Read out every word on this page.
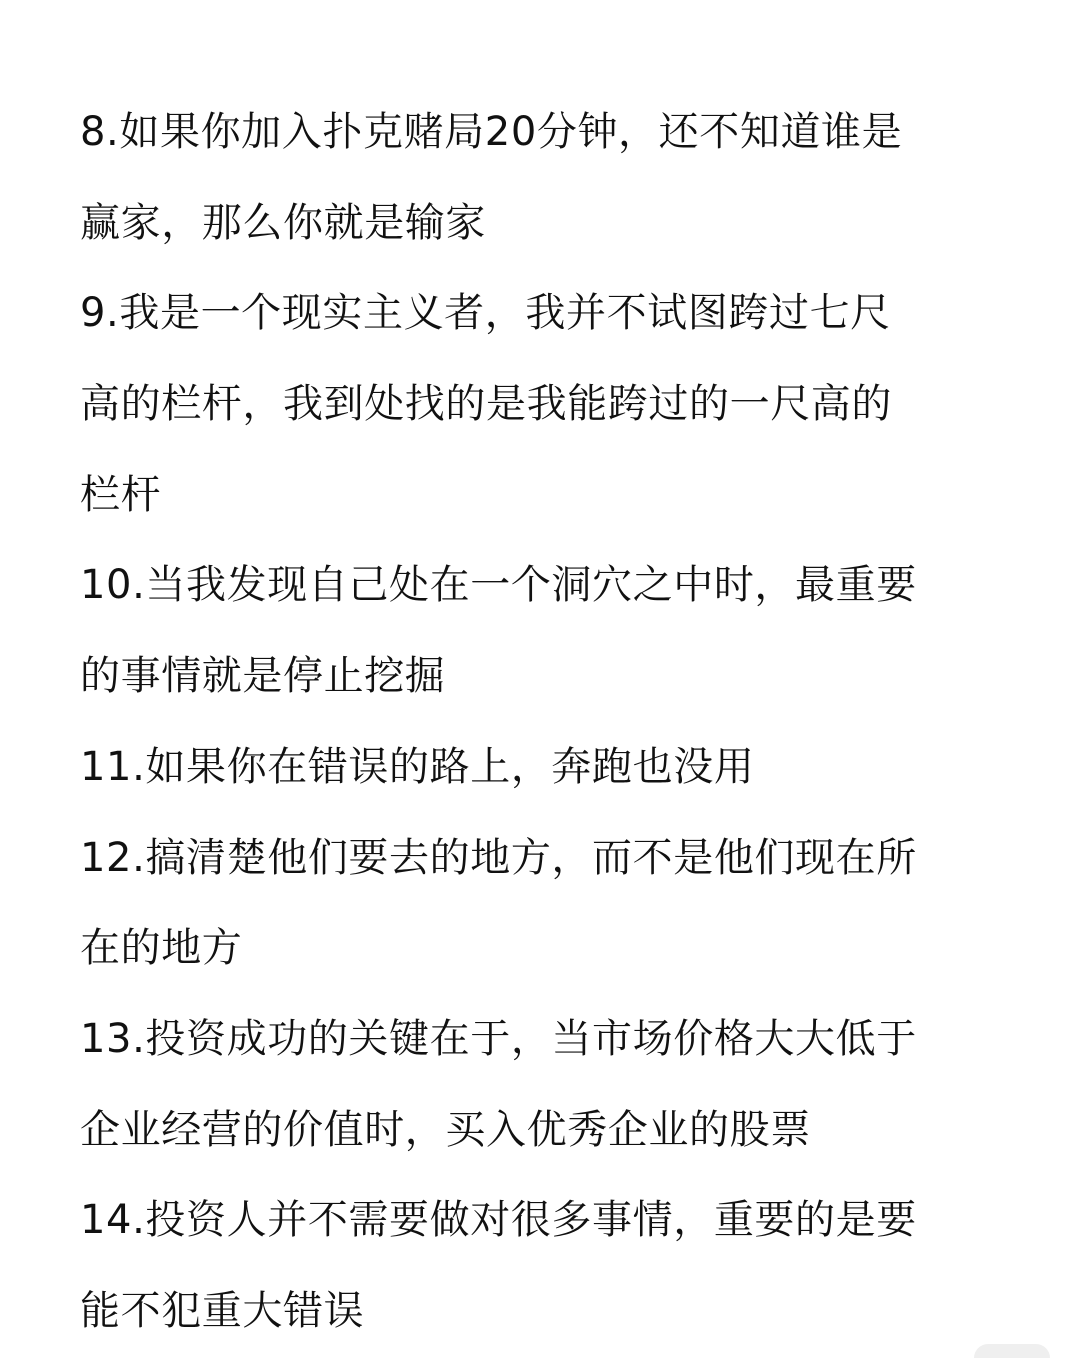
8.如果你加入扑克赌局20分钟，还不知道谁是
赢家，那么你就是输家
9.我是一个现实主义者，我并不试图跨过七尺
高的栏杆，我到处找的是我能跨过的一尺高的
栏杆
10.当我发现自己处在一个洞穴之中时，最重要
的事情就是停止挖掘
11.如果你在错误的路上，奔跑也没用
12.搞清楚他们要去的地方，而不是他们现在所
在的地方
13.投资成功的关键在于，当市场价格大大低于
企业经营的价值时，买入优秀企业的股票
14.投资人并不需要做对很多事情，重要的是要
能不犯重大错误
